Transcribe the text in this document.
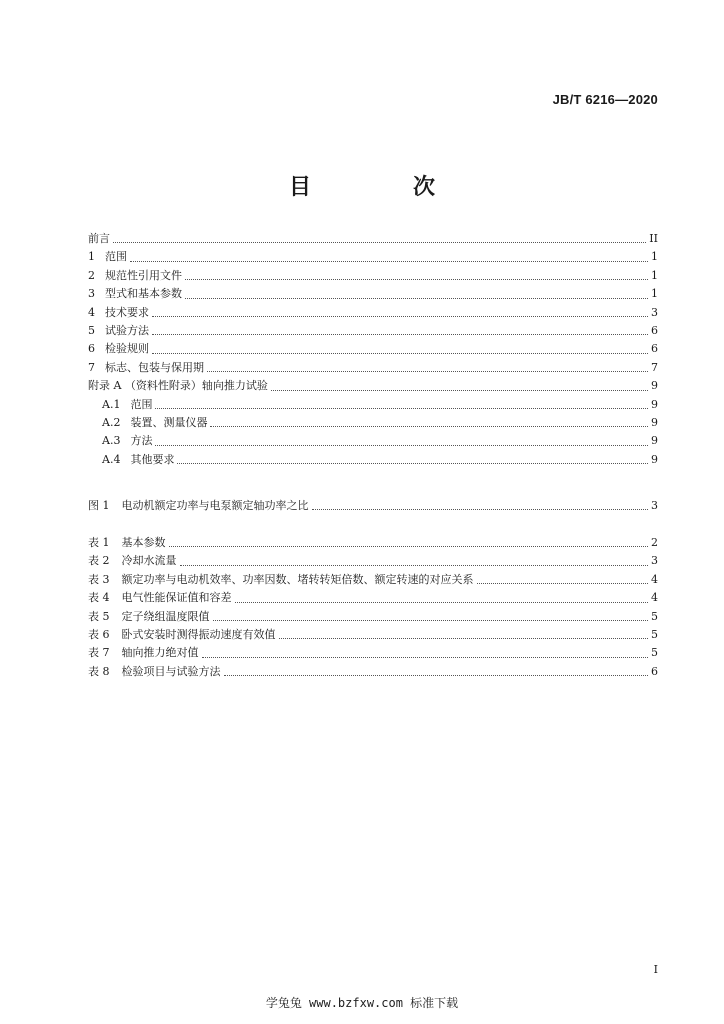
JB/T 6216—2020
目　次
前言	II
1 范围	1
2 规范性引用文件	1
3 型式和基本参数	1
4 技术要求	3
5 试验方法	6
6 检验规则	6
7 标志、包装与保用期	7
附录 A （资料性附录）轴向推力试验	9
A.1 范围	9
A.2 装置、测量仪器	9
A.3 方法	9
A.4 其他要求	9
图 1 电动机额定功率与电泵额定轴功率之比	3
表 1 基本参数	2
表 2 冷却水流量	3
表 3 额定功率与电动机效率、功率因数、堵转转矩倍数、额定转速的对应关系	4
表 4 电气性能保证值和容差	4
表 5 定子绕组温度限值	5
表 6 卧式安装时测得振动速度有效值	5
表 7 轴向推力绝对值	5
表 8 检验项目与试验方法	6
I
学兔兔 www.bzfxw.com 标准下载
